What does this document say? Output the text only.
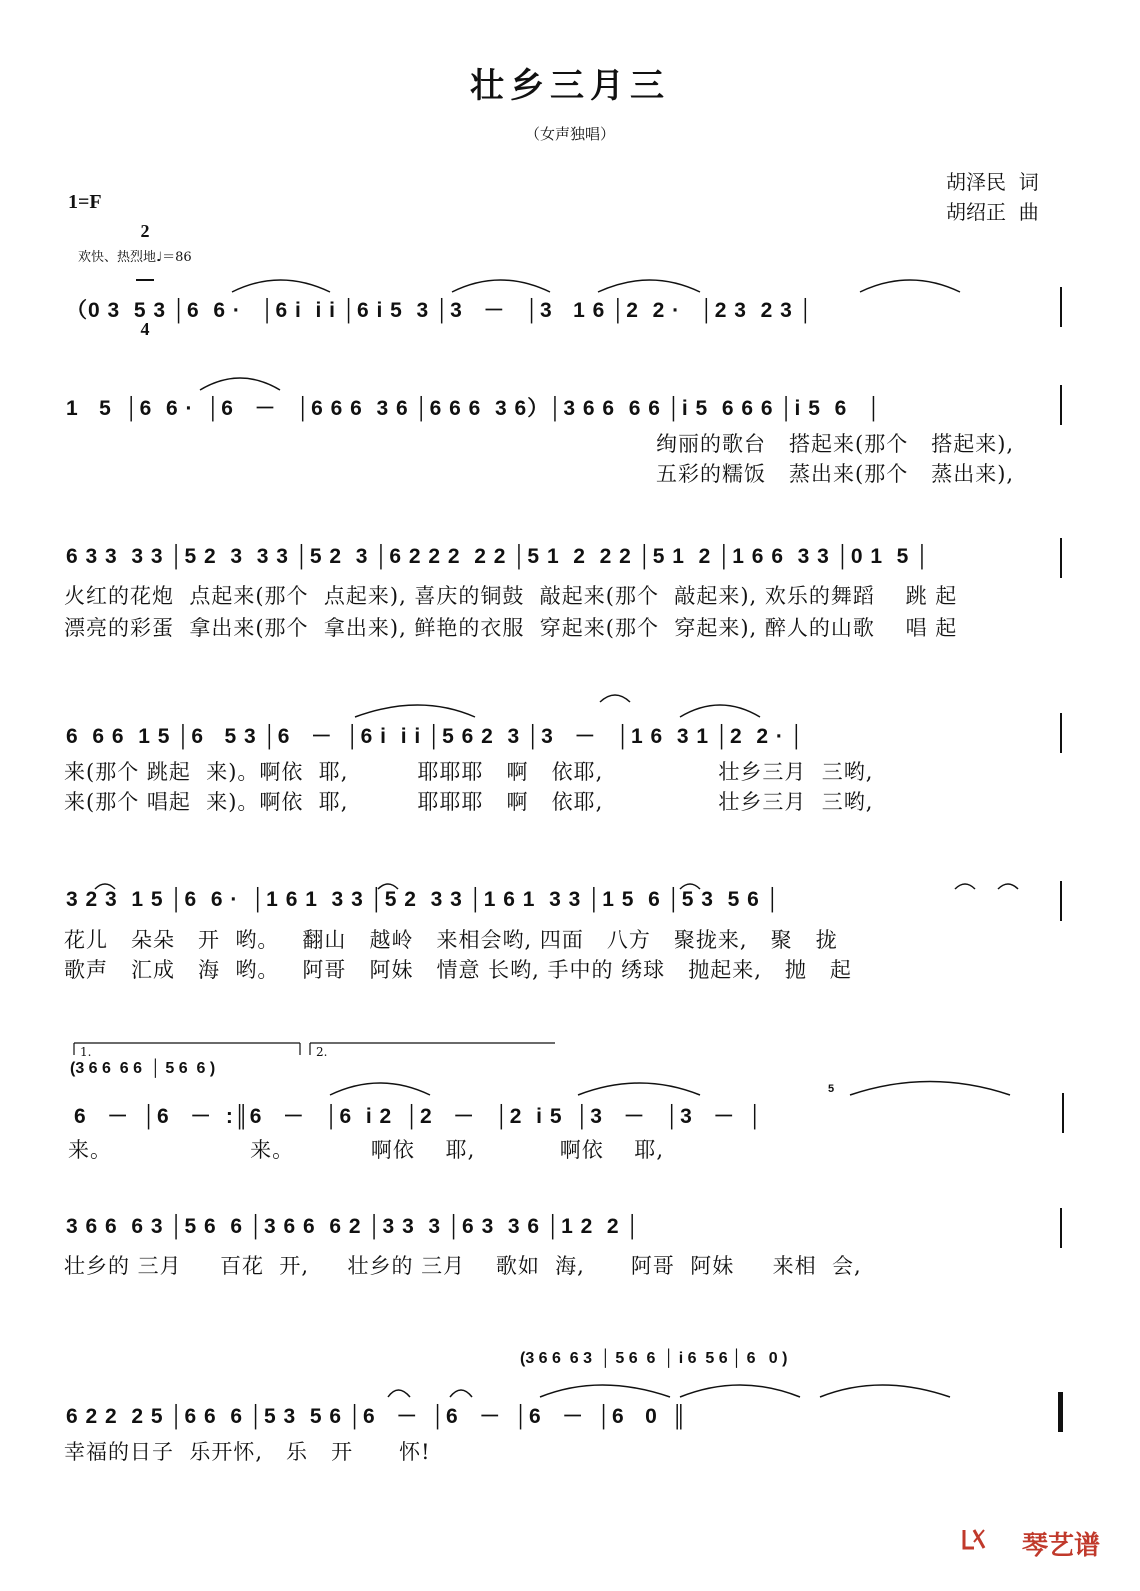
壮乡三月三
（女声独唱）
胡泽民  词
胡绍正  曲
1=F

2

4

欢快、热烈地♩＝86
（0 3  5 3 │6  6 ·   │6 i  i i │6 i 5  3 │3   －   │3   1 6 │2  2 ·   │2 3  2 3 │
1   5  │6  6 ·  │6   －   │6 6 6  3 6 │6 6 6  3 6）│3 6 6  6 6 │i 5  6 6 6 │i 5  6   │
绚丽的歌台   搭起来(那个   搭起来),
五彩的糯饭   蒸出来(那个   蒸出来),
6 3 3  3 3 │5 2  3  3 3 │5 2  3 │6 2 2 2  2 2 │5 1  2  2 2 │5 1  2 │1 6 6  3 3 │0 1  5 │
火红的花炮  点起来(那个  点起来), 喜庆的铜鼓  敲起来(那个  敲起来), 欢乐的舞蹈    跳 起
漂亮的彩蛋  拿出来(那个  拿出来), 鲜艳的衣服  穿起来(那个  穿起来), 醉人的山歌    唱 起
6  6 6  1 5 │6   5 3 │6   －  │6 i  i i │5 6 2  3 │3   －   │1 6  3 1 │2  2 · │
来(那个 跳起  来)。啊依  耶,         耶耶耶   啊   依耶,               壮乡三月  三哟,
来(那个 唱起  来)。啊依  耶,         耶耶耶   啊   依耶,               壮乡三月  三哟,
3 2 3  1 5 │6  6 ·  │1 6 1  3 3 │5 2  3 3 │1 6 1  3 3 │1 5  6 │5 3  5 6 │
花儿   朵朵   开  哟。   翻山   越岭   来相会哟, 四面   八方   聚拢来,   聚   拢
歌声   汇成   海  哟。   阿哥   阿妹   情意 长哟, 手中的 绣球   抛起来,   抛   起
1.	2.
(3 6 6  6 6  │ 5 6  6 )
5
6   －  │6   －  :║6   －   │6  i 2  │2   －   │2  i 5  │3   －   │3   －  │
来。                  来。          啊依    耶,           啊依    耶,
3 6 6  6 3 │5 6  6 │3 6 6  6 2 │3 3  3 │6 3  3 6 │1 2  2 │
壮乡的 三月     百花  开,     壮乡的 三月    歌如  海,      阿哥  阿妹     来相  会,
(3 6 6  6 3  │ 5 6  6  │ i 6  5 6 │ 6   0 )
6 2 2  2 5 │6 6  6 │5 3  5 6 │6   －  │6   －  │6   －  │6   0  ║
幸福的日子  乐开怀,   乐   开      怀!
琴艺谱
